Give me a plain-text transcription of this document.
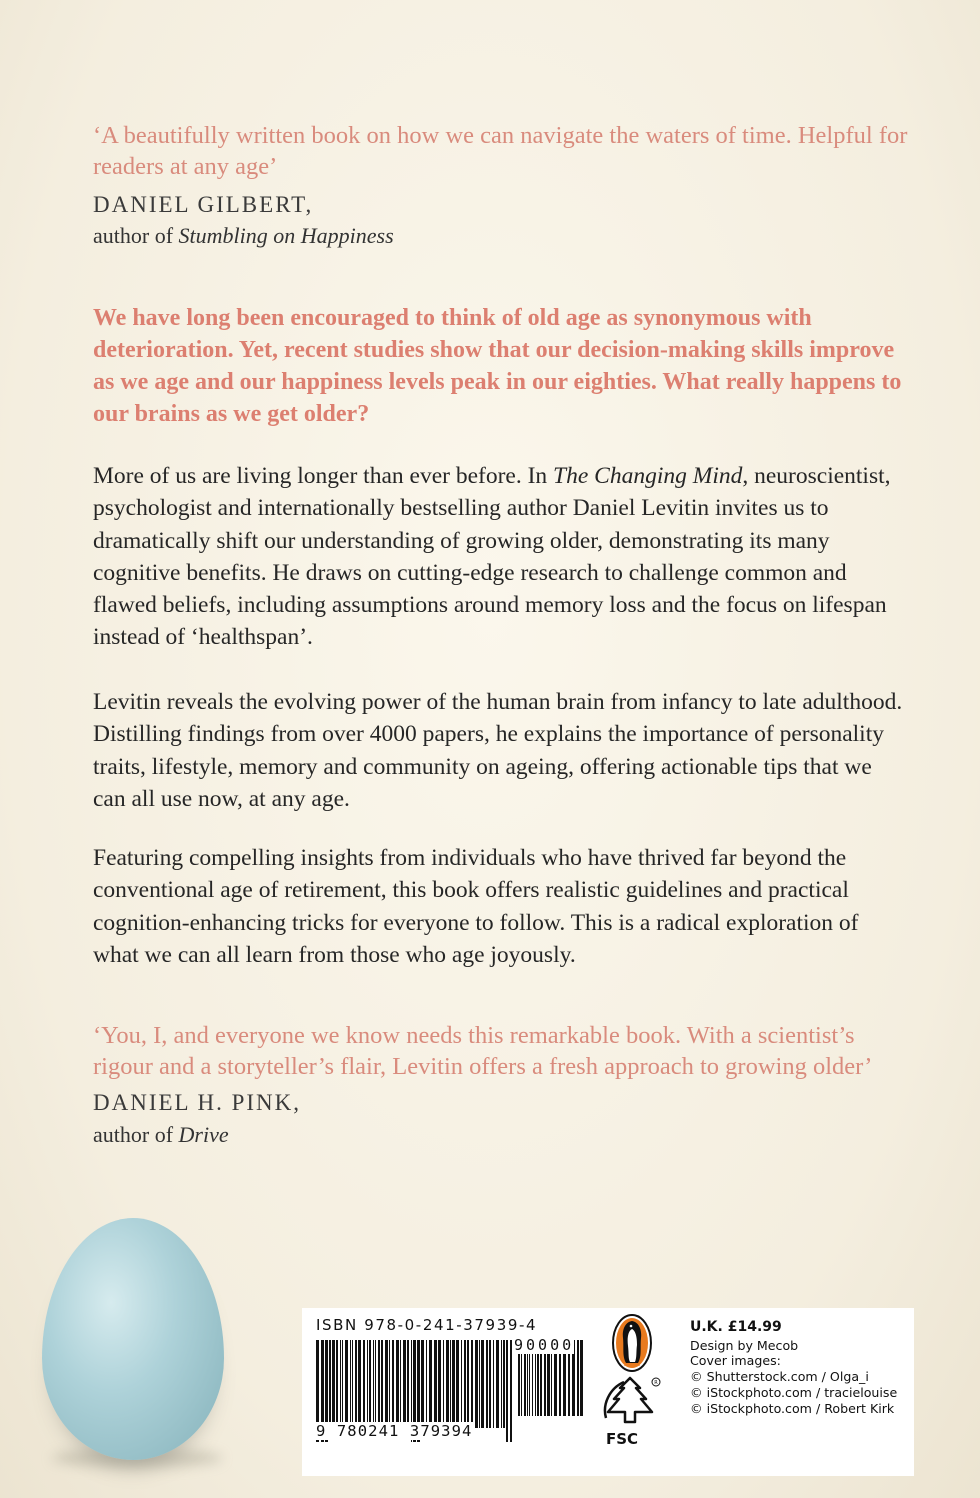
‘A beautifully written book on how we can navigate the waters of time. Helpful for readers at any age’
DANIEL GILBERT,
author of Stumbling on Happiness
We have long been encouraged to think of old age as synonymous with deterioration. Yet, recent studies show that our decision-making skills improve as we age and our happiness levels peak in our eighties. What really happens to our brains as we get older?
More of us are living longer than ever before. In The Changing Mind, neuroscientist, psychologist and internationally bestselling author Daniel Levitin invites us to dramatically shift our understanding of growing older, demonstrating its many cognitive benefits. He draws on cutting-edge research to challenge common and flawed beliefs, including assumptions around memory loss and the focus on lifespan instead of ‘healthspan’.
Levitin reveals the evolving power of the human brain from infancy to late adulthood. Distilling findings from over 4000 papers, he explains the importance of personality traits, lifestyle, memory and community on ageing, offering actionable tips that we can all use now, at any age.
Featuring compelling insights from individuals who have thrived far beyond the conventional age of retirement, this book offers realistic guidelines and practical cognition-enhancing tricks for everyone to follow. This is a radical exploration of what we can all learn from those who age joyously.
‘You, I, and everyone we know needs this remarkable book. With a scientist’s rigour and a storyteller’s flair, Levitin offers a fresh approach to growing older’
DANIEL H. PINK,
author of Drive
ISBN 978-0-241-37939-4
90000
9 780241 379394
R
FSC
U.K. £14.99
Design by Mecob
Cover images:
© Shutterstock.com / Olga_i
© iStockphoto.com / tracielouise
© iStockphoto.com / Robert Kirk
